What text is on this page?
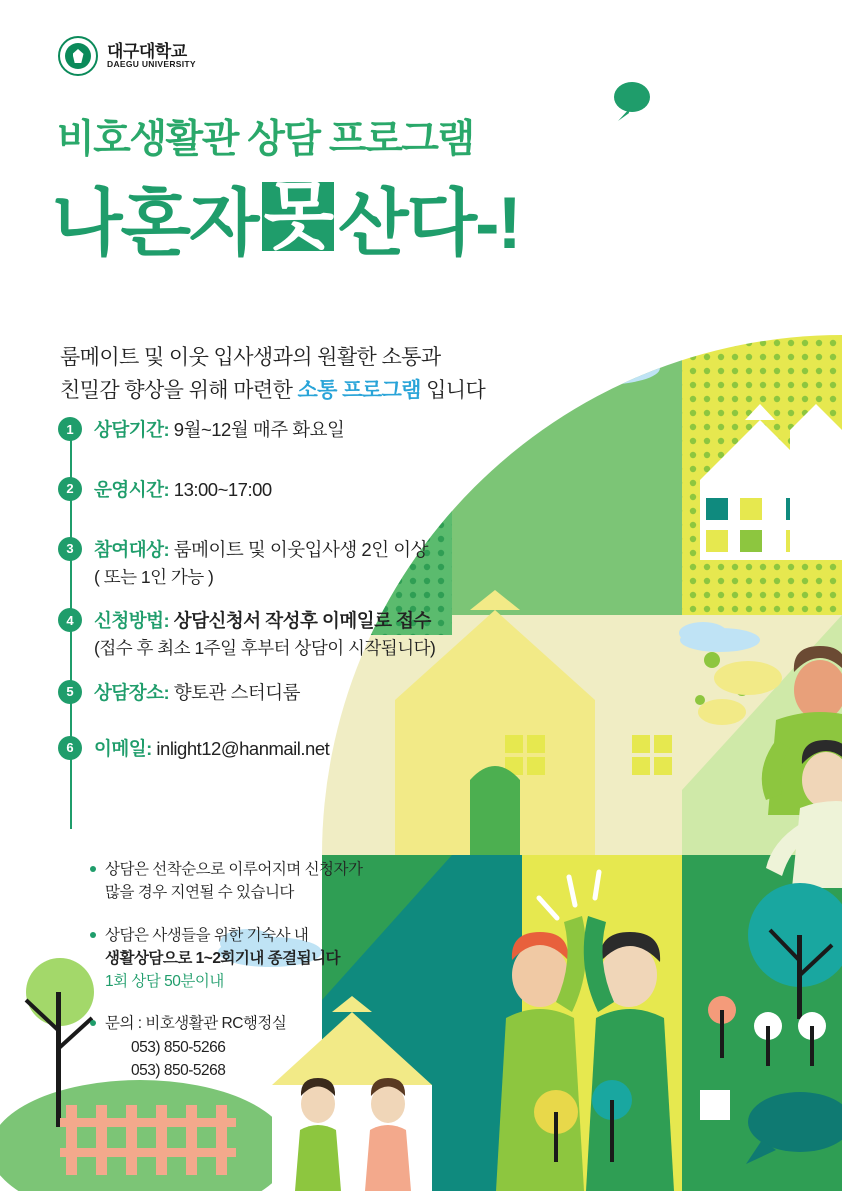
대구대학교
DAEGU UNIVERSITY
비호생활관 상담 프로그램
나혼자 못 산다-!
룸메이트 및 이웃 입사생과의 원활한 소통과
친밀감 향상을 위해 마련한 소통 프로그램 입니다
1	상담기간: 9월~12월 매주 화요일
2	운영시간: 13:00~17:00
3	참여대상: 룸메이트 및 이웃입사생 2인 이상
( 또는 1인 가능 )
4	신청방법: 상담신청서 작성후 이메일로 접수
(접수 후 최소 1주일 후부터 상담이 시작됩니다)
5	상담장소: 향토관 스터디룸
6	이메일: inlight12@hanmail.net
상담은 선착순으로 이루어지며 신청자가
많을 경우 지연될 수 있습니다
상담은 사생들을 위한 기숙사 내
생활상담으로 1~2회기내 종결됩니다
1회 상담 50분이내
문의 : 비호생활관 RC행정실
053) 850-5266
053) 850-5268
